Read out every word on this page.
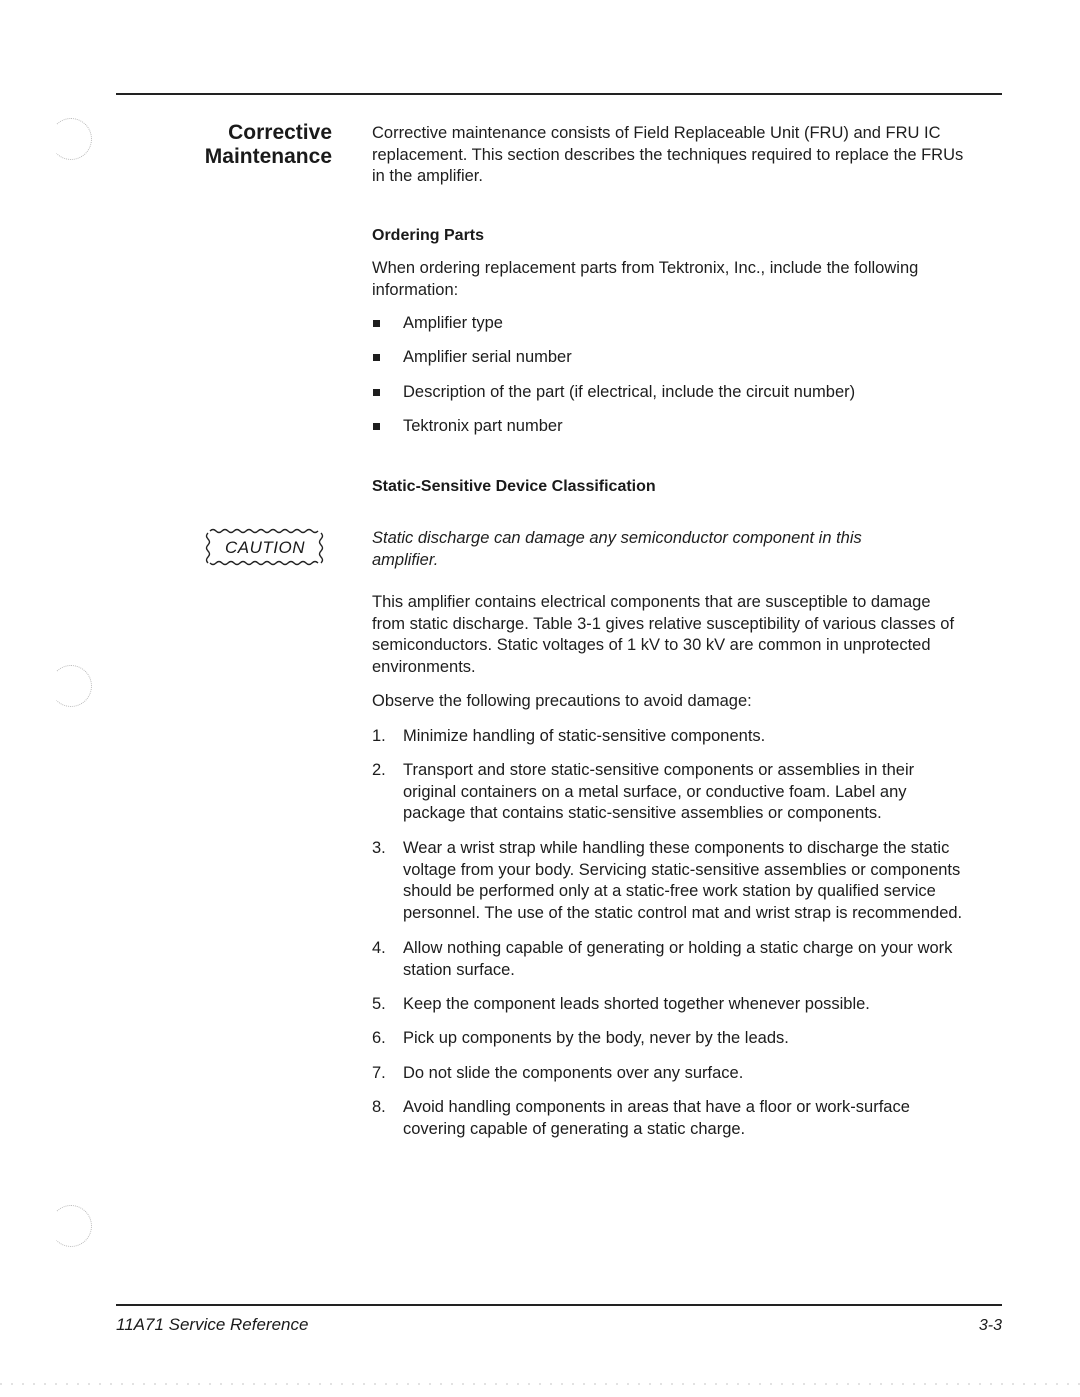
Corrective
Maintenance
Corrective maintenance consists of Field Replaceable Unit (FRU) and FRU IC
replacement. This section describes the techniques required to replace the FRUs
in the amplifier.
Ordering Parts
When ordering replacement parts from Tektronix, Inc., include the following
information:
Amplifier type
Amplifier serial number
Description of the part (if electrical, include the circuit number)
Tektronix part number
Static-Sensitive Device Classification
CAUTION	Static discharge can damage any semiconductor component in this
amplifier.
This amplifier contains electrical components that are susceptible to damage
from static discharge. Table 3-1 gives relative susceptibility of various classes of
semiconductors. Static voltages of 1 kV to 30 kV are common in unprotected
environments.
Observe the following precautions to avoid damage:
1. Minimize handling of static-sensitive components.
2. Transport and store static-sensitive components or assemblies in their
original containers on a metal surface, or conductive foam. Label any
package that contains static-sensitive assemblies or components.
3. Wear a wrist strap while handling these components to discharge the static
voltage from your body. Servicing static-sensitive assemblies or components
should be performed only at a static-free work station by qualified service
personnel. The use of the static control mat and wrist strap is recommended.
4. Allow nothing capable of generating or holding a static charge on your work
station surface.
5. Keep the component leads shorted together whenever possible.
6. Pick up components by the body, never by the leads.
7. Do not slide the components over any surface.
8. Avoid handling components in areas that have a floor or work-surface
covering capable of generating a static charge.
11A71 Service Reference	3-3
